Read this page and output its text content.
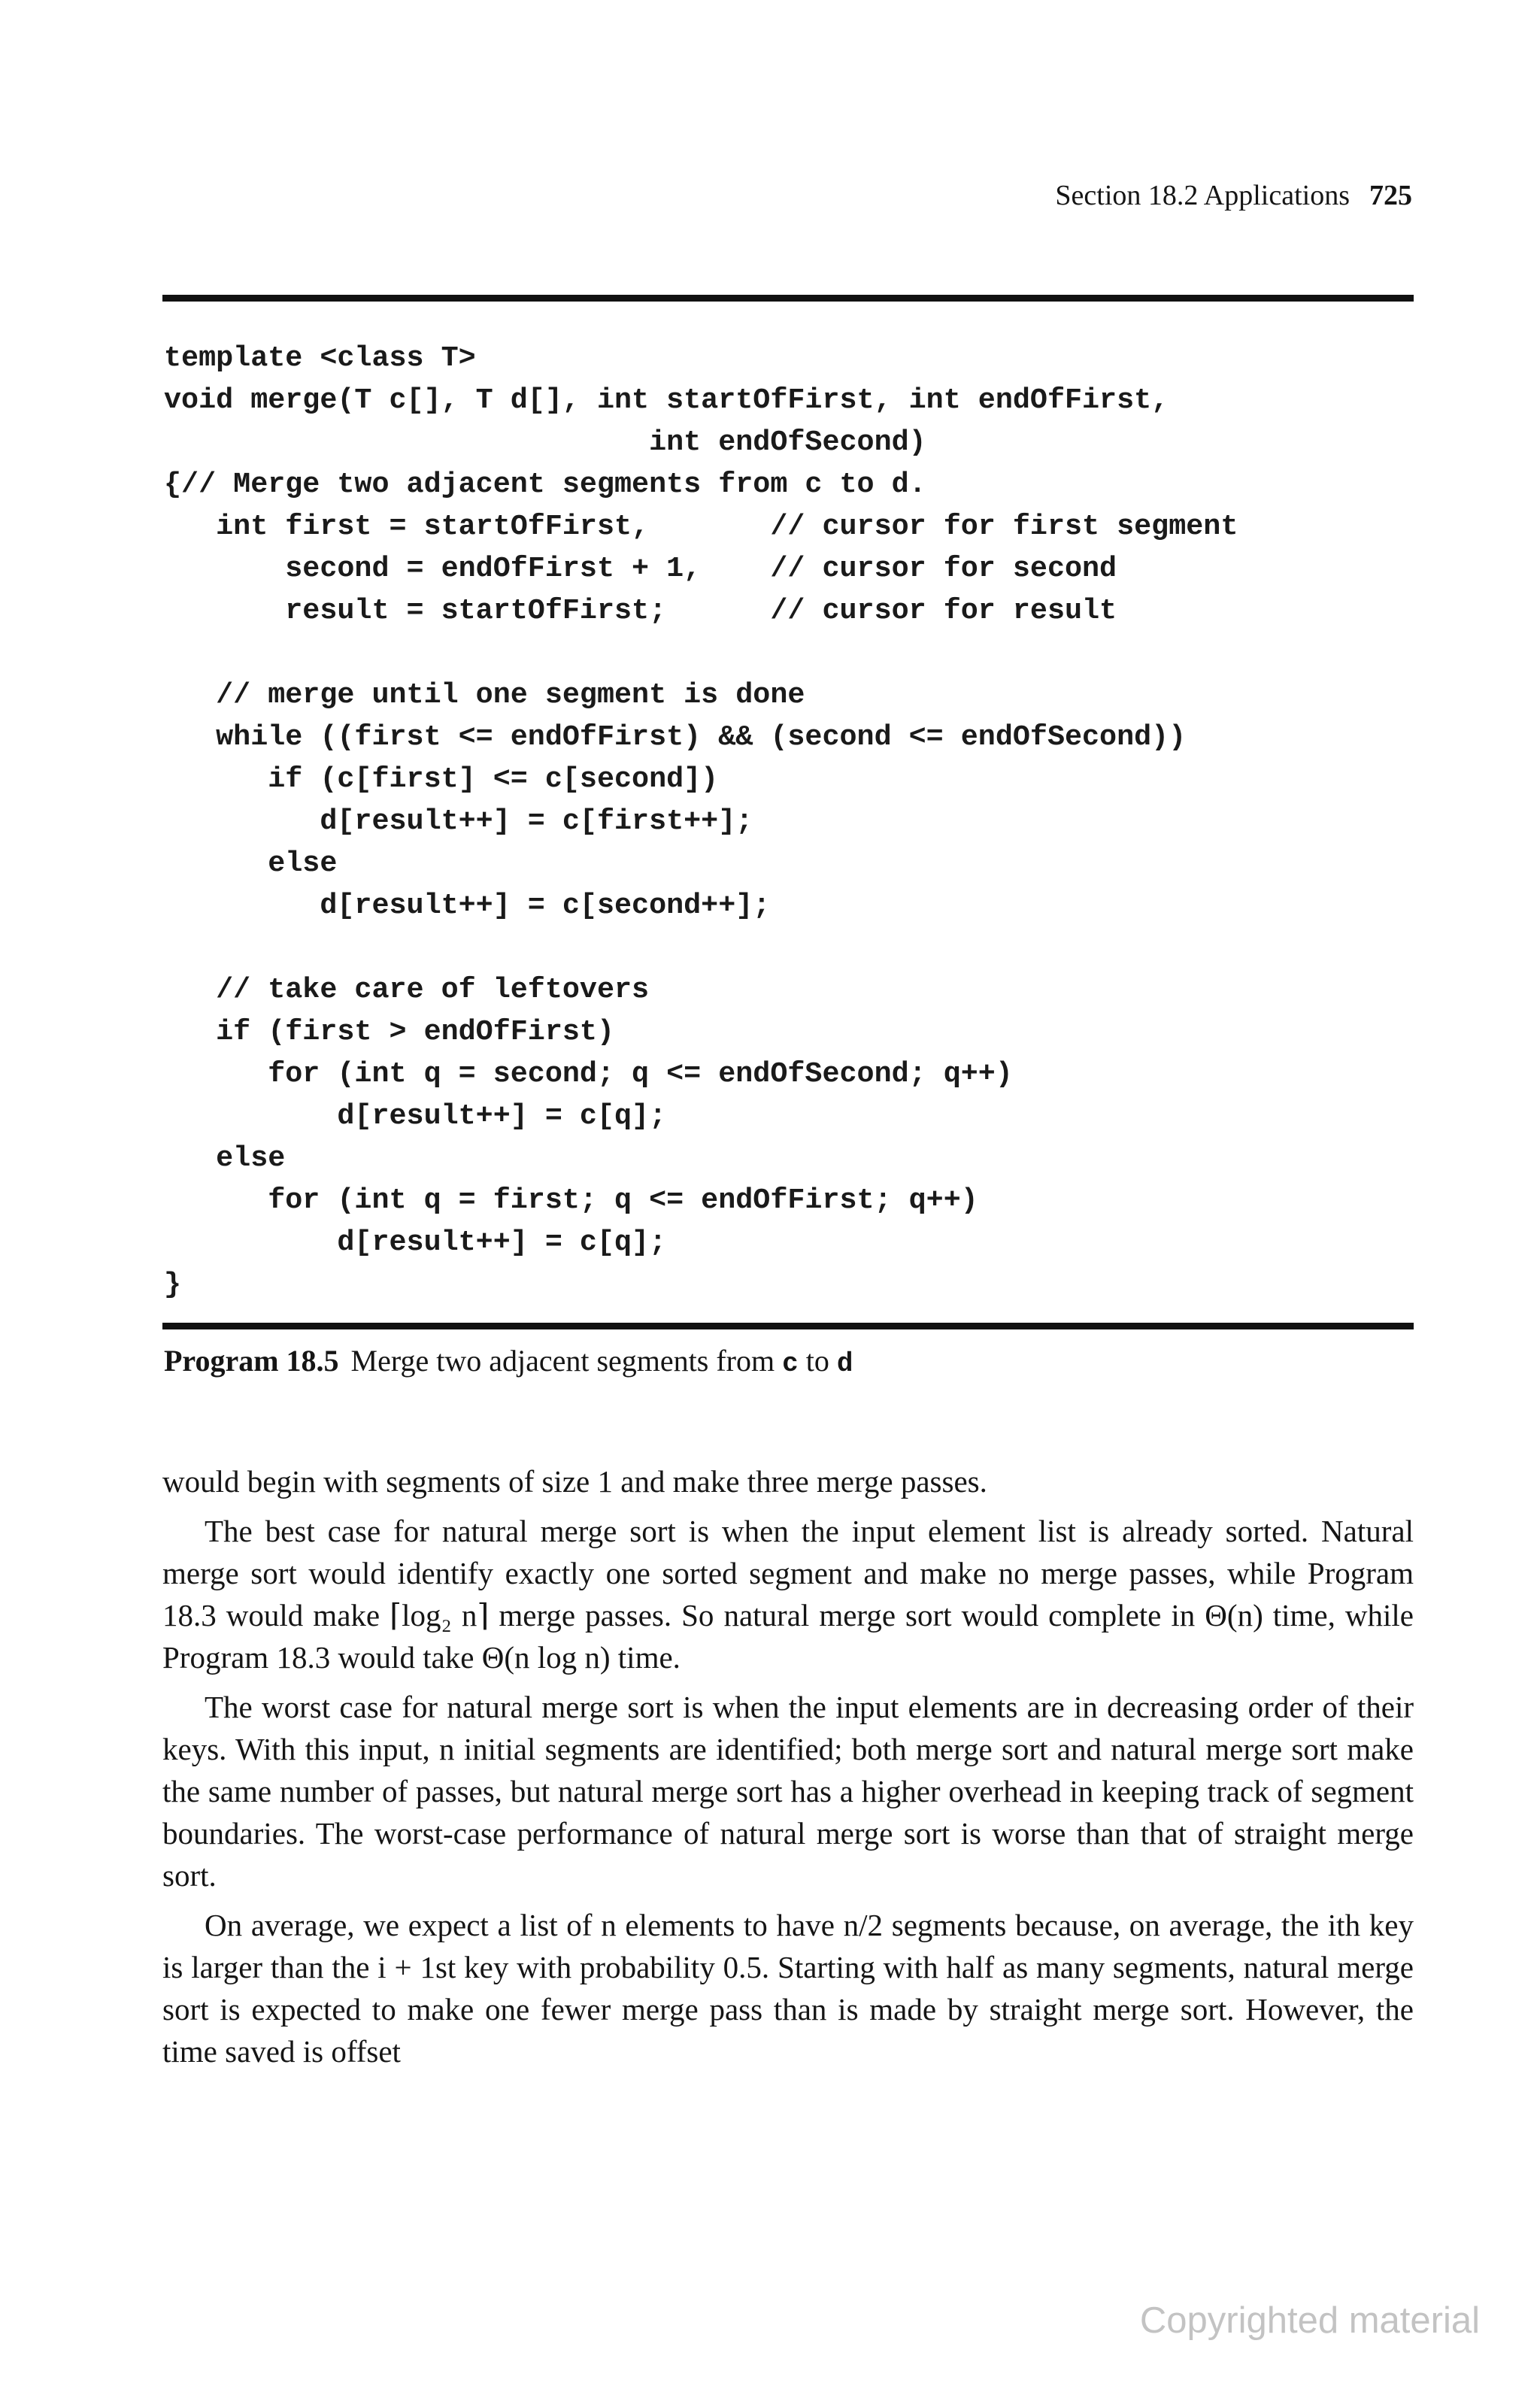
Section 18.2 Applications 725
template <class T>
void merge(T c[], T d[], int startOfFirst, int endOfFirst,
int endOfSecond)
{// Merge two adjacent segments from c to d.
int first = startOfFirst,       // cursor for first segment
second = endOfFirst + 1,    // cursor for second
result = startOfFirst;      // cursor for result

// merge until one segment is done
while ((first <= endOfFirst) && (second <= endOfSecond))
if (c[first] <= c[second])
d[result++] = c[first++];
else
d[result++] = c[second++];

// take care of leftovers
if (first > endOfFirst)
for (int q = second; q <= endOfSecond; q++)
d[result++] = c[q];
else
for (int q = first; q <= endOfFirst; q++)
d[result++] = c[q];
}
Program 18.5 Merge two adjacent segments from c to d

would begin with segments of size 1 and make three merge passes.

The best case for natural merge sort is when the input element list is already sorted. Natural merge sort would identify exactly one sorted segment and make no merge passes, while Program 18.3 would make ⌈log₂ n⌉ merge passes. So natural merge sort would complete in Θ(n) time, while Program 18.3 would take Θ(n log n) time.

The worst case for natural merge sort is when the input elements are in decreasing order of their keys. With this input, n initial segments are identified; both merge sort and natural merge sort make the same number of passes, but natural merge sort has a higher overhead in keeping track of segment boundaries. The worst-case performance of natural merge sort is worse than that of straight merge sort.

On average, we expect a list of n elements to have n/2 segments because, on average, the ith key is larger than the i + 1st key with probability 0.5. Starting with half as many segments, natural merge sort is expected to make one fewer merge pass than is made by straight merge sort. However, the time saved is offset

Copyrighted material
